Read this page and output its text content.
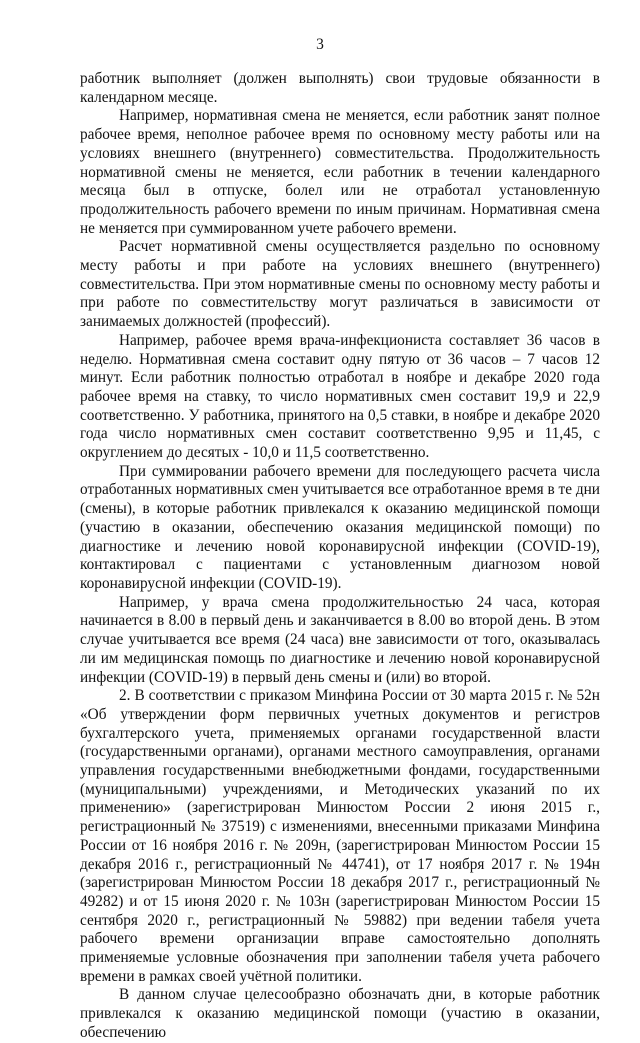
3

работник выполняет (должен выполнять) свои трудовые обязанности в календарном месяце.

Например, нормативная смена не меняется, если работник занят полное рабочее время, неполное рабочее время по основному месту работы или на условиях внешнего (внутреннего) совместительства. Продолжительность нормативной смены не меняется, если работник в течении календарного месяца был в отпуске, болел или не отработал установленную продолжительность рабочего времени по иным причинам. Нормативная смена не меняется при суммированном учете рабочего времени.

Расчет нормативной смены осуществляется раздельно по основному месту работы и при работе на условиях внешнего (внутреннего) совместительства. При этом нормативные смены по основному месту работы и при работе по совместительству могут различаться в зависимости от занимаемых должностей (профессий).

Например, рабочее время врача-инфекциониста составляет 36 часов в неделю. Нормативная смена составит одну пятую от 36 часов – 7 часов 12 минут. Если работник полностью отработал в ноябре и декабре 2020 года рабочее время на ставку, то число нормативных смен составит 19,9 и 22,9 соответственно. У работника, принятого на 0,5 ставки, в ноябре и декабре 2020 года число нормативных смен составит соответственно 9,95 и 11,45, с округлением до десятых - 10,0 и 11,5 соответственно.

При суммировании рабочего времени для последующего расчета числа отработанных нормативных смен учитывается все отработанное время в те дни (смены), в которые работник привлекался к оказанию медицинской помощи (участию в оказании, обеспечению оказания медицинской помощи) по диагностике и лечению новой коронавирусной инфекции (COVID-19), контактировал с пациентами с установленным диагнозом новой коронавирусной инфекции (COVID-19).

Например, у врача смена продолжительностью 24 часа, которая начинается в 8.00 в первый день и заканчивается в 8.00 во второй день. В этом случае учитывается все время (24 часа) вне зависимости от того, оказывалась ли им медицинская помощь по диагностике и лечению новой коронавирусной инфекции (COVID-19) в первый день смены и (или) во второй.

2. В соответствии с приказом Минфина России от 30 марта 2015 г. № 52н «Об утверждении форм первичных учетных документов и регистров бухгалтерского учета, применяемых органами государственной власти (государственными органами), органами местного самоуправления, органами управления государственными внебюджетными фондами, государственными (муниципальными) учреждениями, и Методических указаний по их применению» (зарегистрирован Минюстом России 2 июня 2015 г., регистрационный № 37519) с изменениями, внесенными приказами Минфина России от 16 ноября 2016 г. № 209н, (зарегистрирован Минюстом России 15 декабря 2016 г., регистрационный № 44741), от 17 ноября 2017 г. № 194н (зарегистрирован Минюстом России 18 декабря 2017 г., регистрационный № 49282) и от 15 июня 2020 г. № 103н (зарегистрирован Минюстом России 15 сентября 2020 г., регистрационный № 59882) при ведении табеля учета рабочего времени организации вправе самостоятельно дополнять применяемые условные обозначения при заполнении табеля учета рабочего времени в рамках своей учётной политики.

В данном случае целесообразно обозначать дни, в которые работник привлекался к оказанию медицинской помощи (участию в оказании, обеспечению
